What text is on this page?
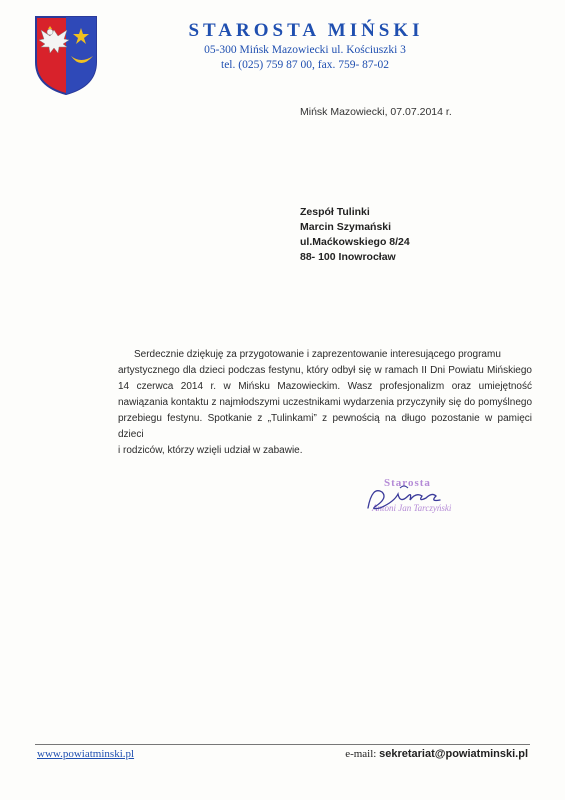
STAROSTA MIŃSKI
05-300 Mińsk Mazowiecki ul. Kościuszki 3
tel. (025) 759 87 00, fax. 759- 87-02
Mińsk Mazowiecki, 07.07.2014 r.
Zespół Tulinki
Marcin Szymański
ul.Maćkowskiego 8/24
88- 100 Inowrocław
Serdecznie dziękuję za przygotowanie i zaprezentowanie interesującego programu
artystycznego dla dzieci podczas festynu, który odbył się w ramach II Dni Powiatu Mińskiego
14 czerwca 2014 r. w Mińsku Mazowieckim. Wasz profesjonalizm oraz umiejętność
nawiązania kontaktu z najmłodszymi uczestnikami wydarzenia przyczyniły się do pomyślnego
przebiegu festynu. Spotkanie z „Tulinkami” z pewnością na długo pozostanie w pamięci dzieci
i rodziców, którzy wzięli udział w zabawie.
Starosta
Antoni Jan Tarczyński
www.powiatminski.pl	e-mail: sekretariat@powiatminski.pl
